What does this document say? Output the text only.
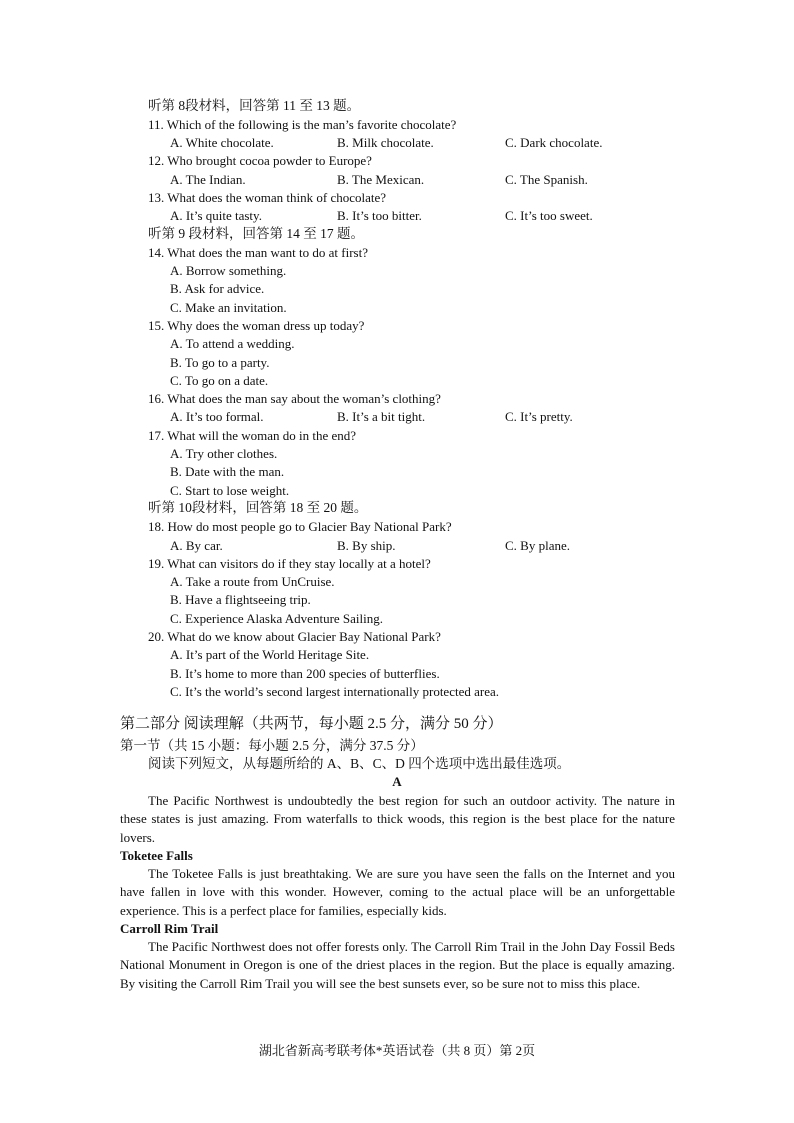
听第 8段材料，回答第 11 至 13 题。
11. Which of the following is the man’s favorite chocolate?
A. White chocolate.	B. Milk chocolate.	C. Dark chocolate.
12. Who brought cocoa powder to Europe?
A. The Indian.	B. The Mexican.	C. The Spanish.
13. What does the woman think of chocolate?
A. It’s quite tasty.	B. It’s too bitter.	C. It’s too sweet.
听第 9 段材料，回答第 14 至 17 题。
14. What does the man want to do at first?
A. Borrow something.
B. Ask for advice.
C. Make an invitation.
15. Why does the woman dress up today?
A. To attend a wedding.
B. To go to a party.
C. To go on a date.
16. What does the man say about the woman’s clothing?
A. It’s too formal.	B. It’s a bit tight.	C. It’s pretty.
17. What will the woman do in the end?
A. Try other clothes.
B. Date with the man.
C. Start to lose weight.
听第 10段材料，回答第 18 至 20 题。
18. How do most people go to Glacier Bay National Park?
A. By car.	B. By ship.	C. By plane.
19. What can visitors do if they stay locally at a hotel?
A. Take a route from UnCruise.
B. Have a flightseeing trip.
C. Experience Alaska Adventure Sailing.
20. What do we know about Glacier Bay National Park?
A. It’s part of the World Heritage Site.
B. It’s home to more than 200 species of butterflies.
C. It’s the world’s second largest internationally protected area.
第二部分 阅读理解（共两节，每小题 2.5 分，满分 50 分）
第一节（共 15 小题：每小题 2.5 分，满分 37.5 分）
阅读下列短文，从每题所给的 A、B、C、D 四个选项中选出最佳选项。
A
The Pacific Northwest is undoubtedly the best region for such an outdoor activity. The nature in these states is just amazing. From waterfalls to thick woods, this region is the best place for the nature lovers.
Toketee Falls
The Toketee Falls is just breathtaking. We are sure you have seen the falls on the Internet and you have fallen in love with this wonder. However, coming to the actual place will be an unforgettable experience. This is a perfect place for families, especially kids.
Carroll Rim Trail
The Pacific Northwest does not offer forests only. The Carroll Rim Trail in the John Day Fossil Beds National Monument in Oregon is one of the driest places in the region. But the place is equally amazing. By visiting the Carroll Rim Trail you will see the best sunsets ever, so be sure not to miss this place.
湖北省新高考联考体*英语试卷（共 8 页）第 2页
